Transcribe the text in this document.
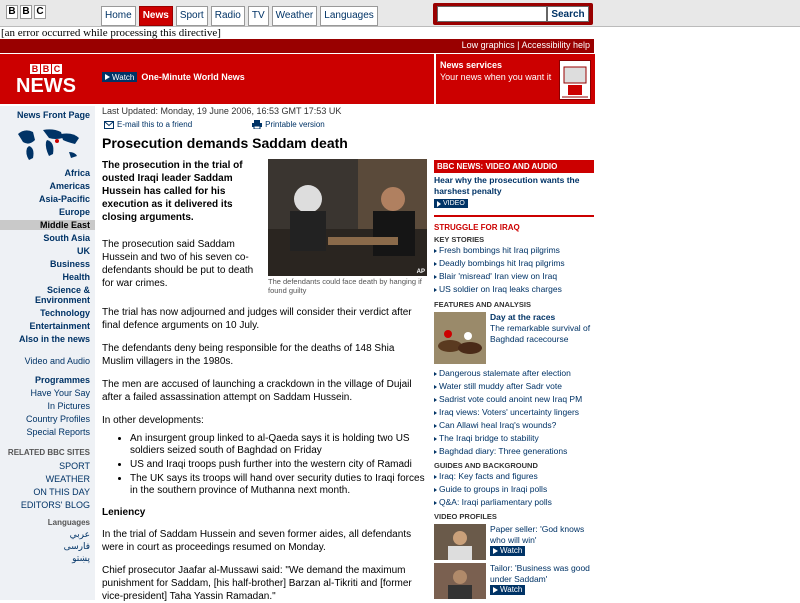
B B C	Home	News	Sport	Radio	TV	Weather	Languages	Search
[an error occurred while processing this directive]
Low graphics | Accessibility help
B B C
NEWS	Watch One-Minute World News
News services
Your news when you want it
News Front Page
Africa
Americas
Asia-Pacific
Europe
Middle East
South Asia
UK
Business
Health
Science & Environment
Technology
Entertainment
Also in the news
Video and Audio
Programmes
Have Your Say
In Pictures
Country Profiles
Special Reports
RELATED BBC SITES
SPORT
WEATHER
ON THIS DAY
EDITORS' BLOG
Languages
عربي
فارسی
پښتو
Last Updated: Monday, 19 June 2006, 16:53 GMT 17:53 UK
E-mail this to a friend	Printable version
Prosecution demands Saddam death
AP
The defendants could face death by hanging if found guilty

The prosecution in the trial of ousted Iraqi leader Saddam Hussein has called for his execution as it delivered its closing arguments.

The prosecution said Saddam Hussein and two of his seven co-defendants should be put to death for war crimes.

The trial has now adjourned and judges will consider their verdict after final defence arguments on 10 July.

The defendants deny being responsible for the deaths of 148 Shia Muslim villagers in the 1980s.

The men are accused of launching a crackdown in the village of Dujail after a failed assassination attempt on Saddam Hussein.

In other developments:

• An insurgent group linked to al-Qaeda says it is holding two US soldiers seized south of Baghdad on Friday
• US and Iraqi troops push further into the western city of Ramadi
• The UK says its troops will hand over security duties to Iraqi forces in the southern province of Muthanna next month.
Leniency

In the trial of Saddam Hussein and seven former aides, all defendants were in court as proceedings resumed on Monday.

Chief prosecutor Jaafar al-Mussawi said: "We demand the maximum punishment for Saddam, [his half-brother] Barzan al-Tikriti and [former vice-president] Taha Yassin Ramadan."

BBC NEWS: VIDEO AND AUDIO
Hear why the prosecution wants the harshest penalty
VIDEO
STRUGGLE FOR IRAQ
KEY STORIES
Fresh bombings hit Iraq pilgrims
Deadly bombings hit Iraq pilgrims
Blair 'misread' Iran view on Iraq
US soldier on Iraq leaks charges
FEATURES AND ANALYSIS
Day at the races
The remarkable survival of Baghdad racecourse
Dangerous stalemate after election
Water still muddy after Sadr vote
Sadrist vote could anoint new Iraq PM
Iraq views: Voters' uncertainty lingers
Can Allawi heal Iraq's wounds?
The Iraqi bridge to stability
Baghdad diary: Three generations
GUIDES AND BACKGROUND
Iraq: Key facts and figures
Guide to groups in Iraqi polls
Q&A: Iraqi parliamentary polls
VIDEO PROFILES
Paper seller: 'God knows who will win'
Watch
Tailor: 'Business was good under Saddam'
Watch
